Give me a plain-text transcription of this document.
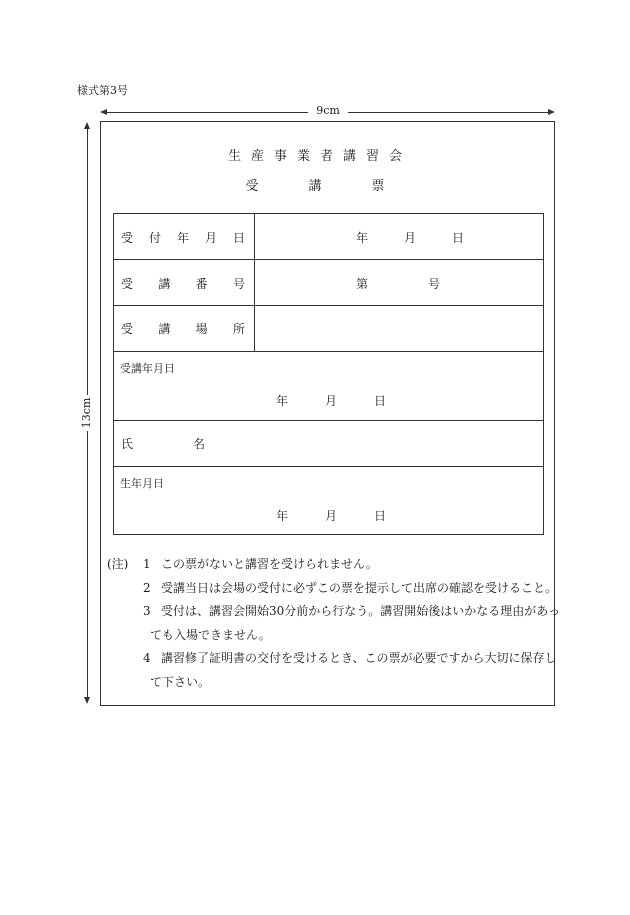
様式第3号
9cm
13cm
生産事業者講習会
受	講	票
受 付 年 月 日	年	月	日
受 講 番 号	第	号
受 講 場 所
受講年月日
年	月	日
氏	名
生年月日
年	月	日
(注) 1 この票がないと講習を受けられません。
2 受講当日は会場の受付に必ずこの票を提示して出席の確認を受けること。
3 受付は、講習会開始30分前から行なう。講習開始後はいかなる理由があっ
ても入場できません。
4 講習修了証明書の交付を受けるとき、この票が必要ですから大切に保存し
て下さい。
